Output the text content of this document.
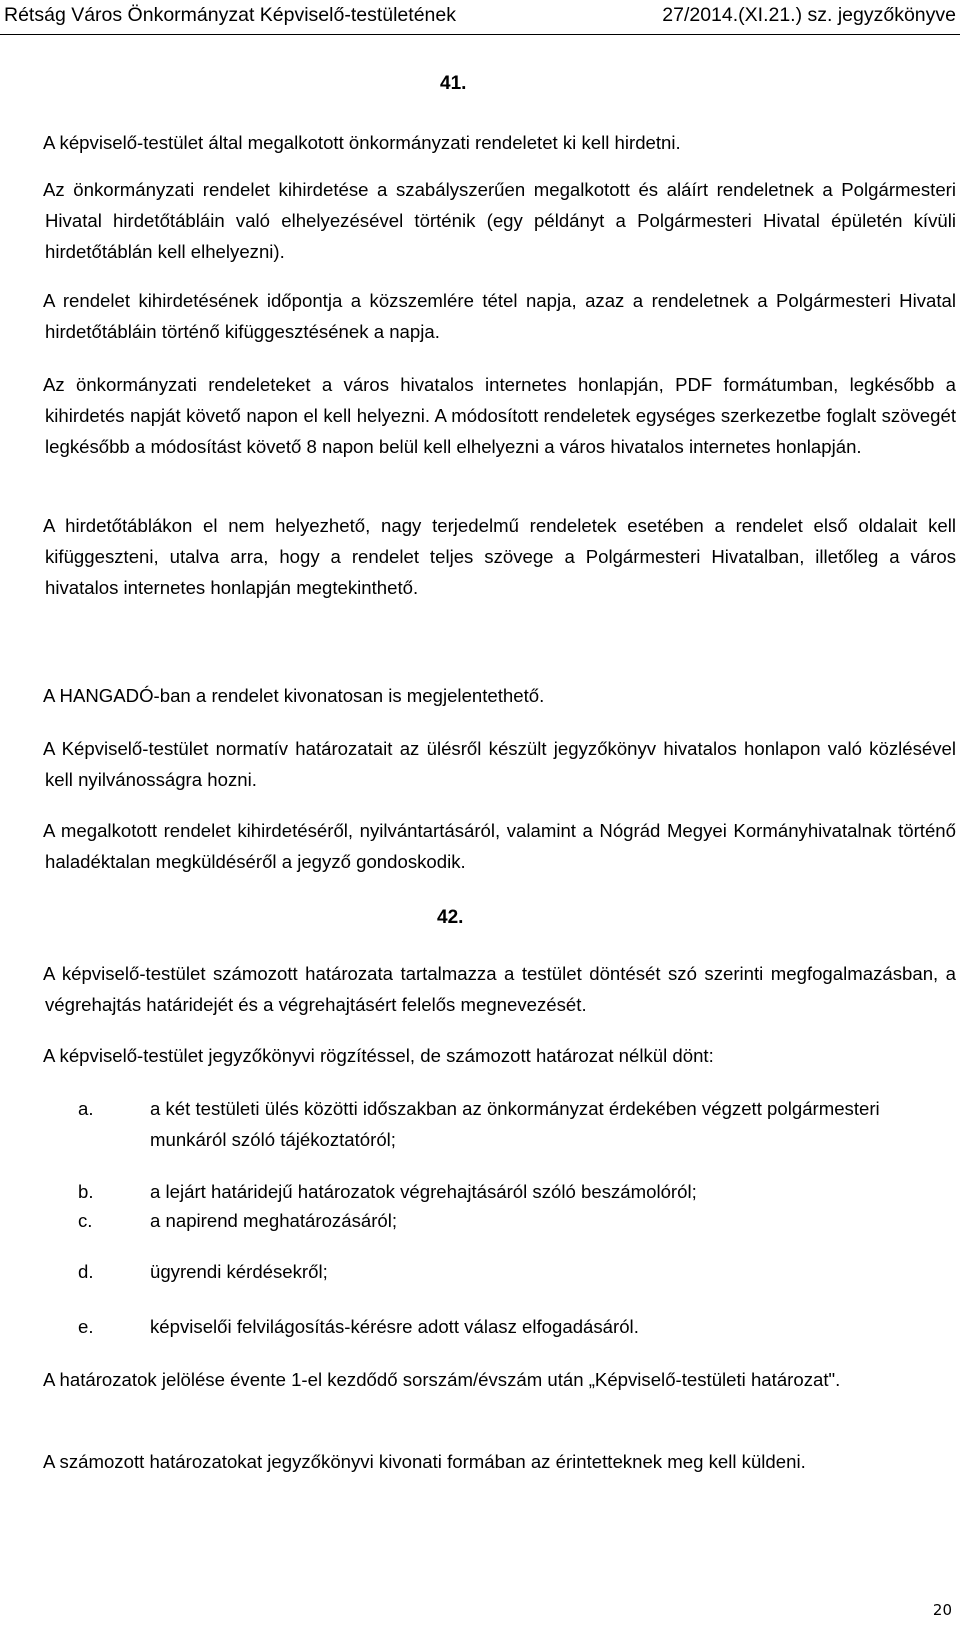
Rétság Város Önkormányzat Képviselő-testületének	27/2014.(XI.21.) sz. jegyzőkönyve
41.
A képviselő-testület által megalkotott önkormányzati rendeletet ki kell hirdetni.
Az önkormányzati rendelet kihirdetése a szabályszerűen megalkotott és aláírt rendeletnek a Polgármesteri Hivatal hirdetőtábláin való elhelyezésével történik (egy példányt a Polgármesteri Hivatal épületén kívüli hirdetőtáblán kell elhelyezni).
A rendelet kihirdetésének időpontja a közszemlére tétel napja, azaz a rendeletnek a Polgármesteri Hivatal hirdetőtábláin történő kifüggesztésének a napja.
Az önkormányzati rendeleteket a város hivatalos internetes honlapján, PDF formátumban, legkésőbb a kihirdetés napját követő napon el kell helyezni. A módosított rendeletek egységes szerkezetbe foglalt szövegét legkésőbb a módosítást követő 8 napon belül kell elhelyezni a város hivatalos internetes honlapján.
A hirdetőtáblákon el nem helyezhető, nagy terjedelmű rendeletek esetében a rendelet első oldalait kell kifüggeszteni, utalva arra, hogy a rendelet teljes szövege a Polgármesteri Hivatalban, illetőleg a város hivatalos internetes honlapján megtekinthető.
A HANGADÓ-ban a rendelet kivonatosan is megjelentethető.
A Képviselő-testület normatív határozatait az ülésről készült jegyzőkönyv hivatalos honlapon való közlésével kell nyilvánosságra hozni.
A megalkotott rendelet kihirdetéséről, nyilvántartásáról, valamint a Nógrád Megyei Kormányhivatalnak történő haladéktalan megküldéséről a jegyző gondoskodik.
42.
A képviselő-testület számozott határozata tartalmazza a testület döntését szó szerinti megfogalmazásban, a végrehajtás határidejét és a végrehajtásért felelős megnevezését.
A képviselő-testület jegyzőkönyvi rögzítéssel, de számozott határozat nélkül dönt:
a.	a két testületi ülés közötti időszakban az önkormányzat érdekében végzett polgármesteri munkáról szóló tájékoztatóról;
b.	a lejárt határidejű határozatok végrehajtásáról szóló beszámolóról;
c.	a napirend meghatározásáról;
d.	ügyrendi kérdésekről;
e.	képviselői felvilágosítás-kérésre adott válasz elfogadásáról.
A határozatok jelölése évente 1-el kezdődő sorszám/évszám után „Képviselő-testületi határozat".
A számozott határozatokat jegyzőkönyvi kivonati formában az érintetteknek meg kell küldeni.
20
